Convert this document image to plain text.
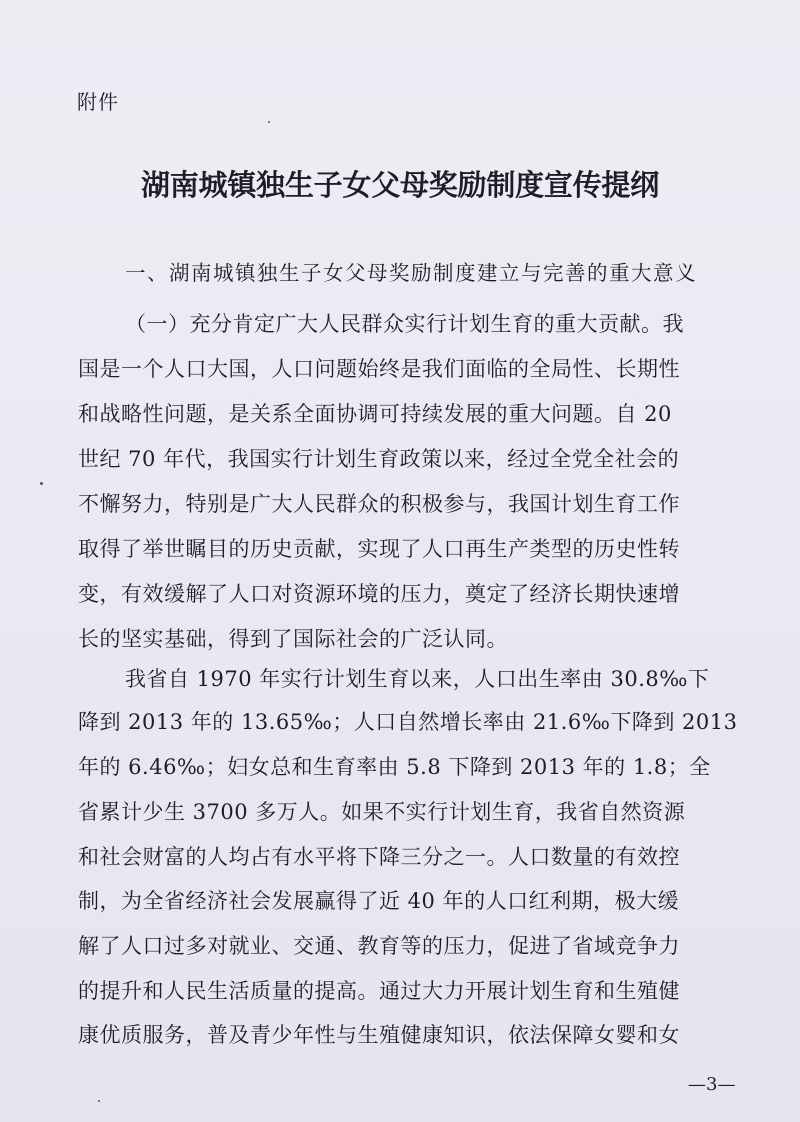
附件
湖南城镇独生子女父母奖励制度宣传提纲
一、湖南城镇独生子女父母奖励制度建立与完善的重大意义
（一）充分肯定广大人民群众实行计划生育的重大贡献。我
国是一个人口大国，人口问题始终是我们面临的全局性、长期性
和战略性问题，是关系全面协调可持续发展的重大问题。自 20
世纪 70 年代，我国实行计划生育政策以来，经过全党全社会的
不懈努力，特别是广大人民群众的积极参与，我国计划生育工作
取得了举世瞩目的历史贡献，实现了人口再生产类型的历史性转
变，有效缓解了人口对资源环境的压力，奠定了经济长期快速增
长的坚实基础，得到了国际社会的广泛认同。
我省自 1970 年实行计划生育以来，人口出生率由 30.8‰下
降到 2013 年的 13.65‰；人口自然增长率由 21.6‰下降到 2013
年的 6.46‰；妇女总和生育率由 5.8 下降到 2013 年的 1.8；全
省累计少生 3700 多万人。如果不实行计划生育，我省自然资源
和社会财富的人均占有水平将下降三分之一。人口数量的有效控
制，为全省经济社会发展赢得了近 40 年的人口红利期，极大缓
解了人口过多对就业、交通、教育等的压力，促进了省域竞争力
的提升和人民生活质量的提高。通过大力开展计划生育和生殖健
康优质服务，普及青少年性与生殖健康知识，依法保障女婴和女
—3—
